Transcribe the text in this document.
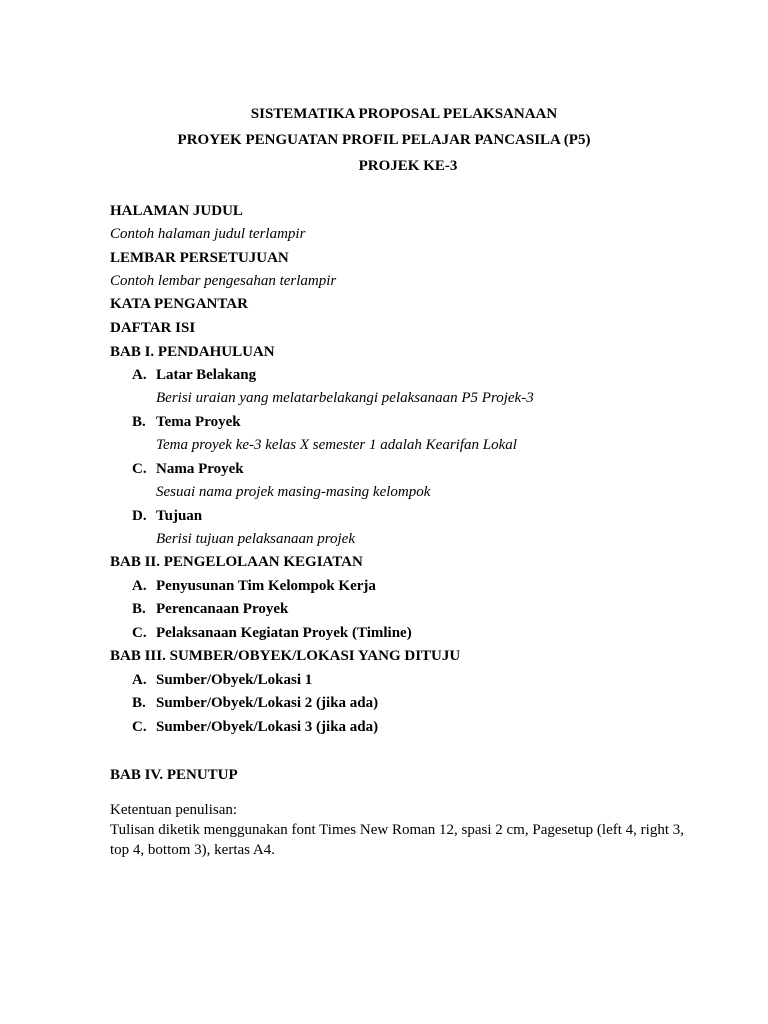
SISTEMATIKA PROPOSAL PELAKSANAAN
PROYEK PENGUATAN PROFIL PELAJAR PANCASILA (P5)
PROJEK KE-3
HALAMAN JUDUL
Contoh halaman judul terlampir
LEMBAR PERSETUJUAN
Contoh lembar pengesahan terlampir
KATA PENGANTAR
DAFTAR ISI
BAB I. PENDAHULUAN
A. Latar Belakang
Berisi uraian yang melatarbelakangi pelaksanaan P5 Projek-3
B. Tema Proyek
Tema proyek ke-3 kelas X semester 1 adalah Kearifan Lokal
C. Nama Proyek
Sesuai nama projek masing-masing kelompok
D. Tujuan
Berisi tujuan pelaksanaan projek
BAB II. PENGELOLAAN KEGIATAN
A. Penyusunan Tim Kelompok Kerja
B. Perencanaan Proyek
C. Pelaksanaan Kegiatan Proyek (Timline)
BAB III. SUMBER/OBYEK/LOKASI YANG DITUJU
A. Sumber/Obyek/Lokasi 1
B. Sumber/Obyek/Lokasi 2 (jika ada)
C. Sumber/Obyek/Lokasi 3 (jika ada)
BAB IV. PENUTUP
Ketentuan penulisan:
Tulisan diketik menggunakan font Times New Roman 12, spasi 2 cm, Pagesetup (left 4, right 3, top 4, bottom 3), kertas A4.
